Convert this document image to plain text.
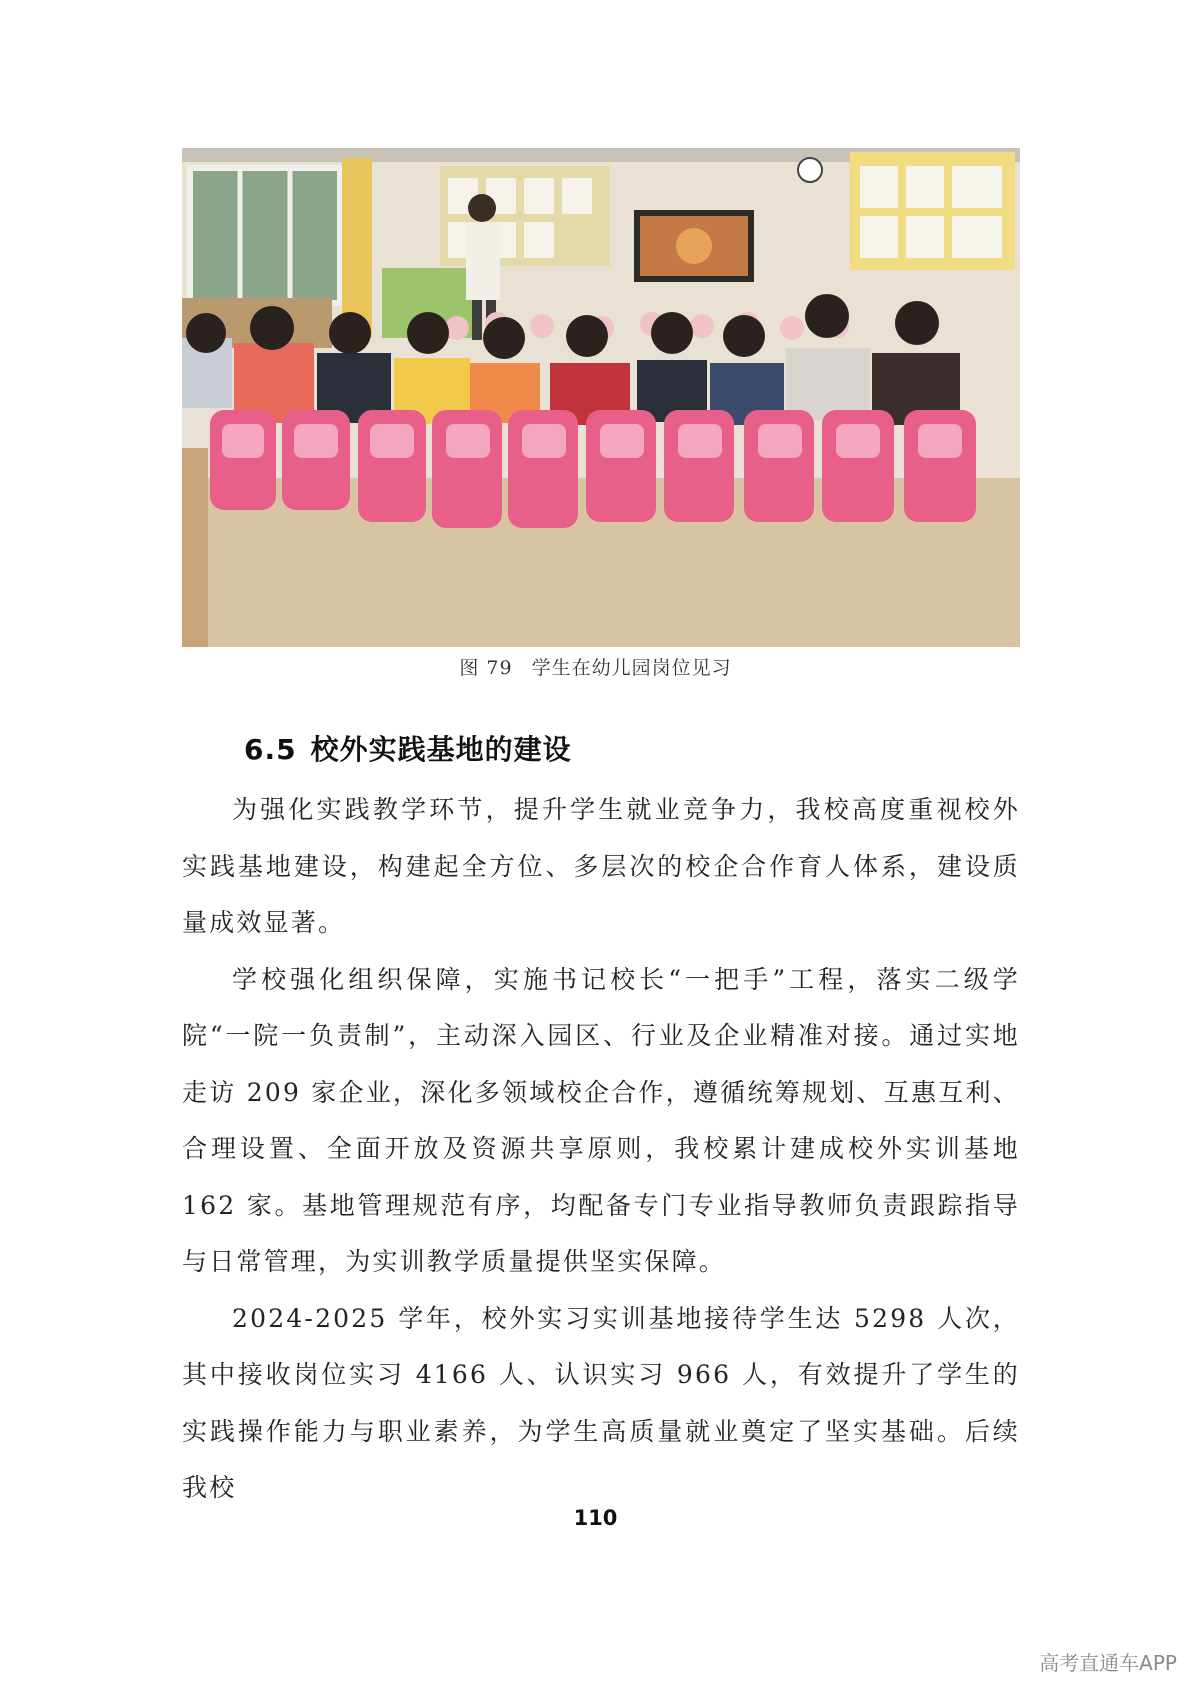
图 79 学生在幼儿园岗位见习
6.5 校外实践基地的建设

为强化实践教学环节，提升学生就业竞争力，我校高度重视校外实践基地建设，构建起全方位、多层次的校企合作育人体系，建设质量成效显著。

学校强化组织保障，实施书记校长“一把手”工程，落实二级学院“一院一负责制”，主动深入园区、行业及企业精准对接。通过实地走访 209 家企业，深化多领域校企合作，遵循统筹规划、互惠互利、合理设置、全面开放及资源共享原则，我校累计建成校外实训基地 162 家。基地管理规范有序，均配备专门专业指导教师负责跟踪指导与日常管理，为实训教学质量提供坚实保障。

2024-2025 学年，校外实习实训基地接待学生达 5298 人次，其中接收岗位实习 4166 人、认识实习 966 人，有效提升了学生的实践操作能力与职业素养，为学生高质量就业奠定了坚实基础。后续我校

110
高考直通车APP
